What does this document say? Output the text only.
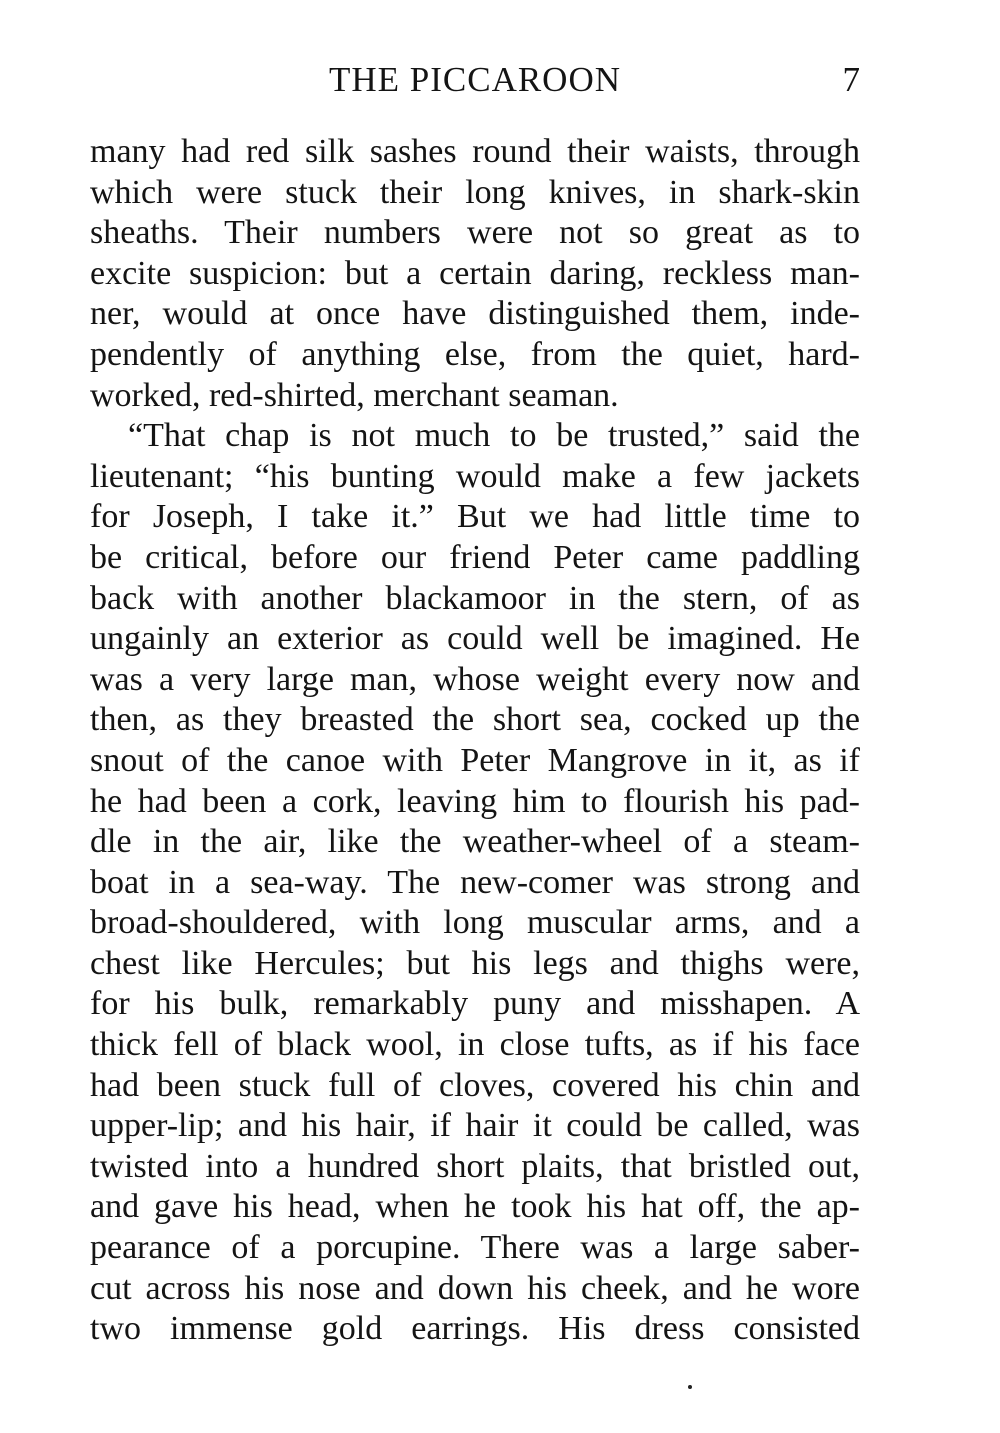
THE PICCAROON	7
many had red silk sashes round their waists, through
which were stuck their long knives, in shark-skin
sheaths. Their numbers were not so great as to
excite suspicion: but a certain daring, reckless man-
ner, would at once have distinguished them, inde-
pendently of anything else, from the quiet, hard-
worked, red-shirted, merchant seaman.
“That chap is not much to be trusted,” said the
lieutenant; “his bunting would make a few jackets
for Joseph, I take it.” But we had little time to
be critical, before our friend Peter came paddling
back with another blackamoor in the stern, of as
ungainly an exterior as could well be imagined. He
was a very large man, whose weight every now and
then, as they breasted the short sea, cocked up the
snout of the canoe with Peter Mangrove in it, as if
he had been a cork, leaving him to flourish his pad-
dle in the air, like the weather-wheel of a steam-
boat in a sea-way. The new-comer was strong and
broad-shouldered, with long muscular arms, and a
chest like Hercules; but his legs and thighs were,
for his bulk, remarkably puny and misshapen. A
thick fell of black wool, in close tufts, as if his face
had been stuck full of cloves, covered his chin and
upper-lip; and his hair, if hair it could be called, was
twisted into a hundred short plaits, that bristled out,
and gave his head, when he took his hat off, the ap-
pearance of a porcupine. There was a large saber-
cut across his nose and down his cheek, and he wore
two immense gold earrings. His dress consisted
